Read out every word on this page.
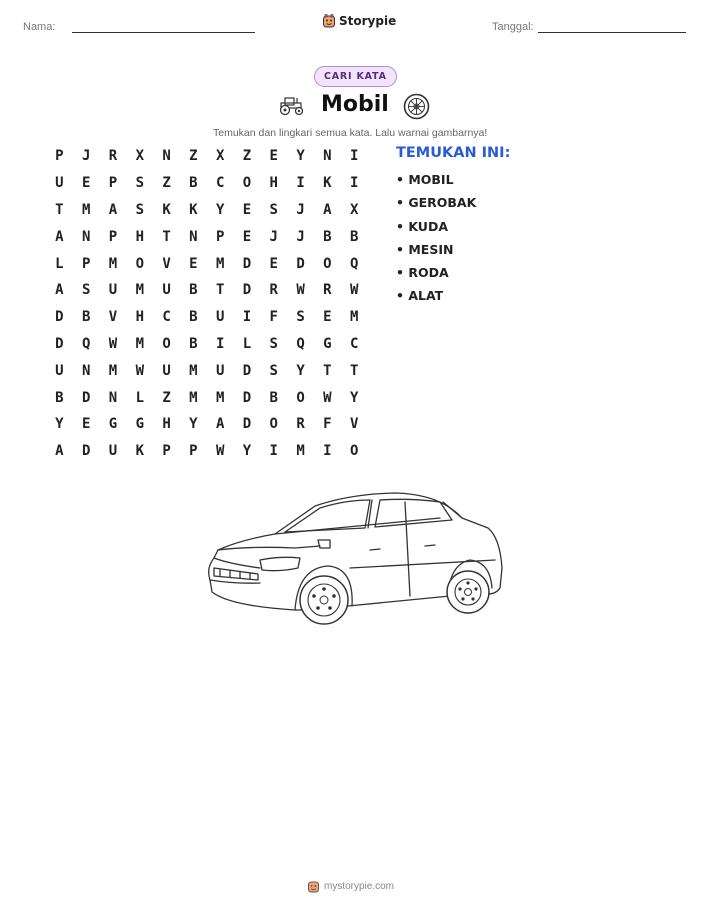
Nama:	Storypie	Tanggal:
CARI KATA
Mobil
Temukan dan lingkari semua kata. Lalu warnai gambarnya!
P	J	R	X	N	Z	X	Z	E	Y	N	I
U	E	P	S	Z	B	C	O	H	I	K	I
T	M	A	S	K	K	Y	E	S	J	A	X
A	N	P	H	T	N	P	E	J	J	B	B
L	P	M	O	V	E	M	D	E	D	O	Q
A	S	U	M	U	B	T	D	R	W	R	W
D	B	V	H	C	B	U	I	F	S	E	M
D	Q	W	M	O	B	I	L	S	Q	G	C
U	N	M	W	U	M	U	D	S	Y	T	T
B	D	N	L	Z	M	M	D	B	O	W	Y
Y	E	G	G	H	Y	A	D	O	R	F	V
A	D	U	K	P	P	W	Y	I	M	I	O
TEMUKAN INI:
• MOBIL
• GEROBAK
• KUDA
• MESIN
• RODA
• ALAT
mystorypie.com
